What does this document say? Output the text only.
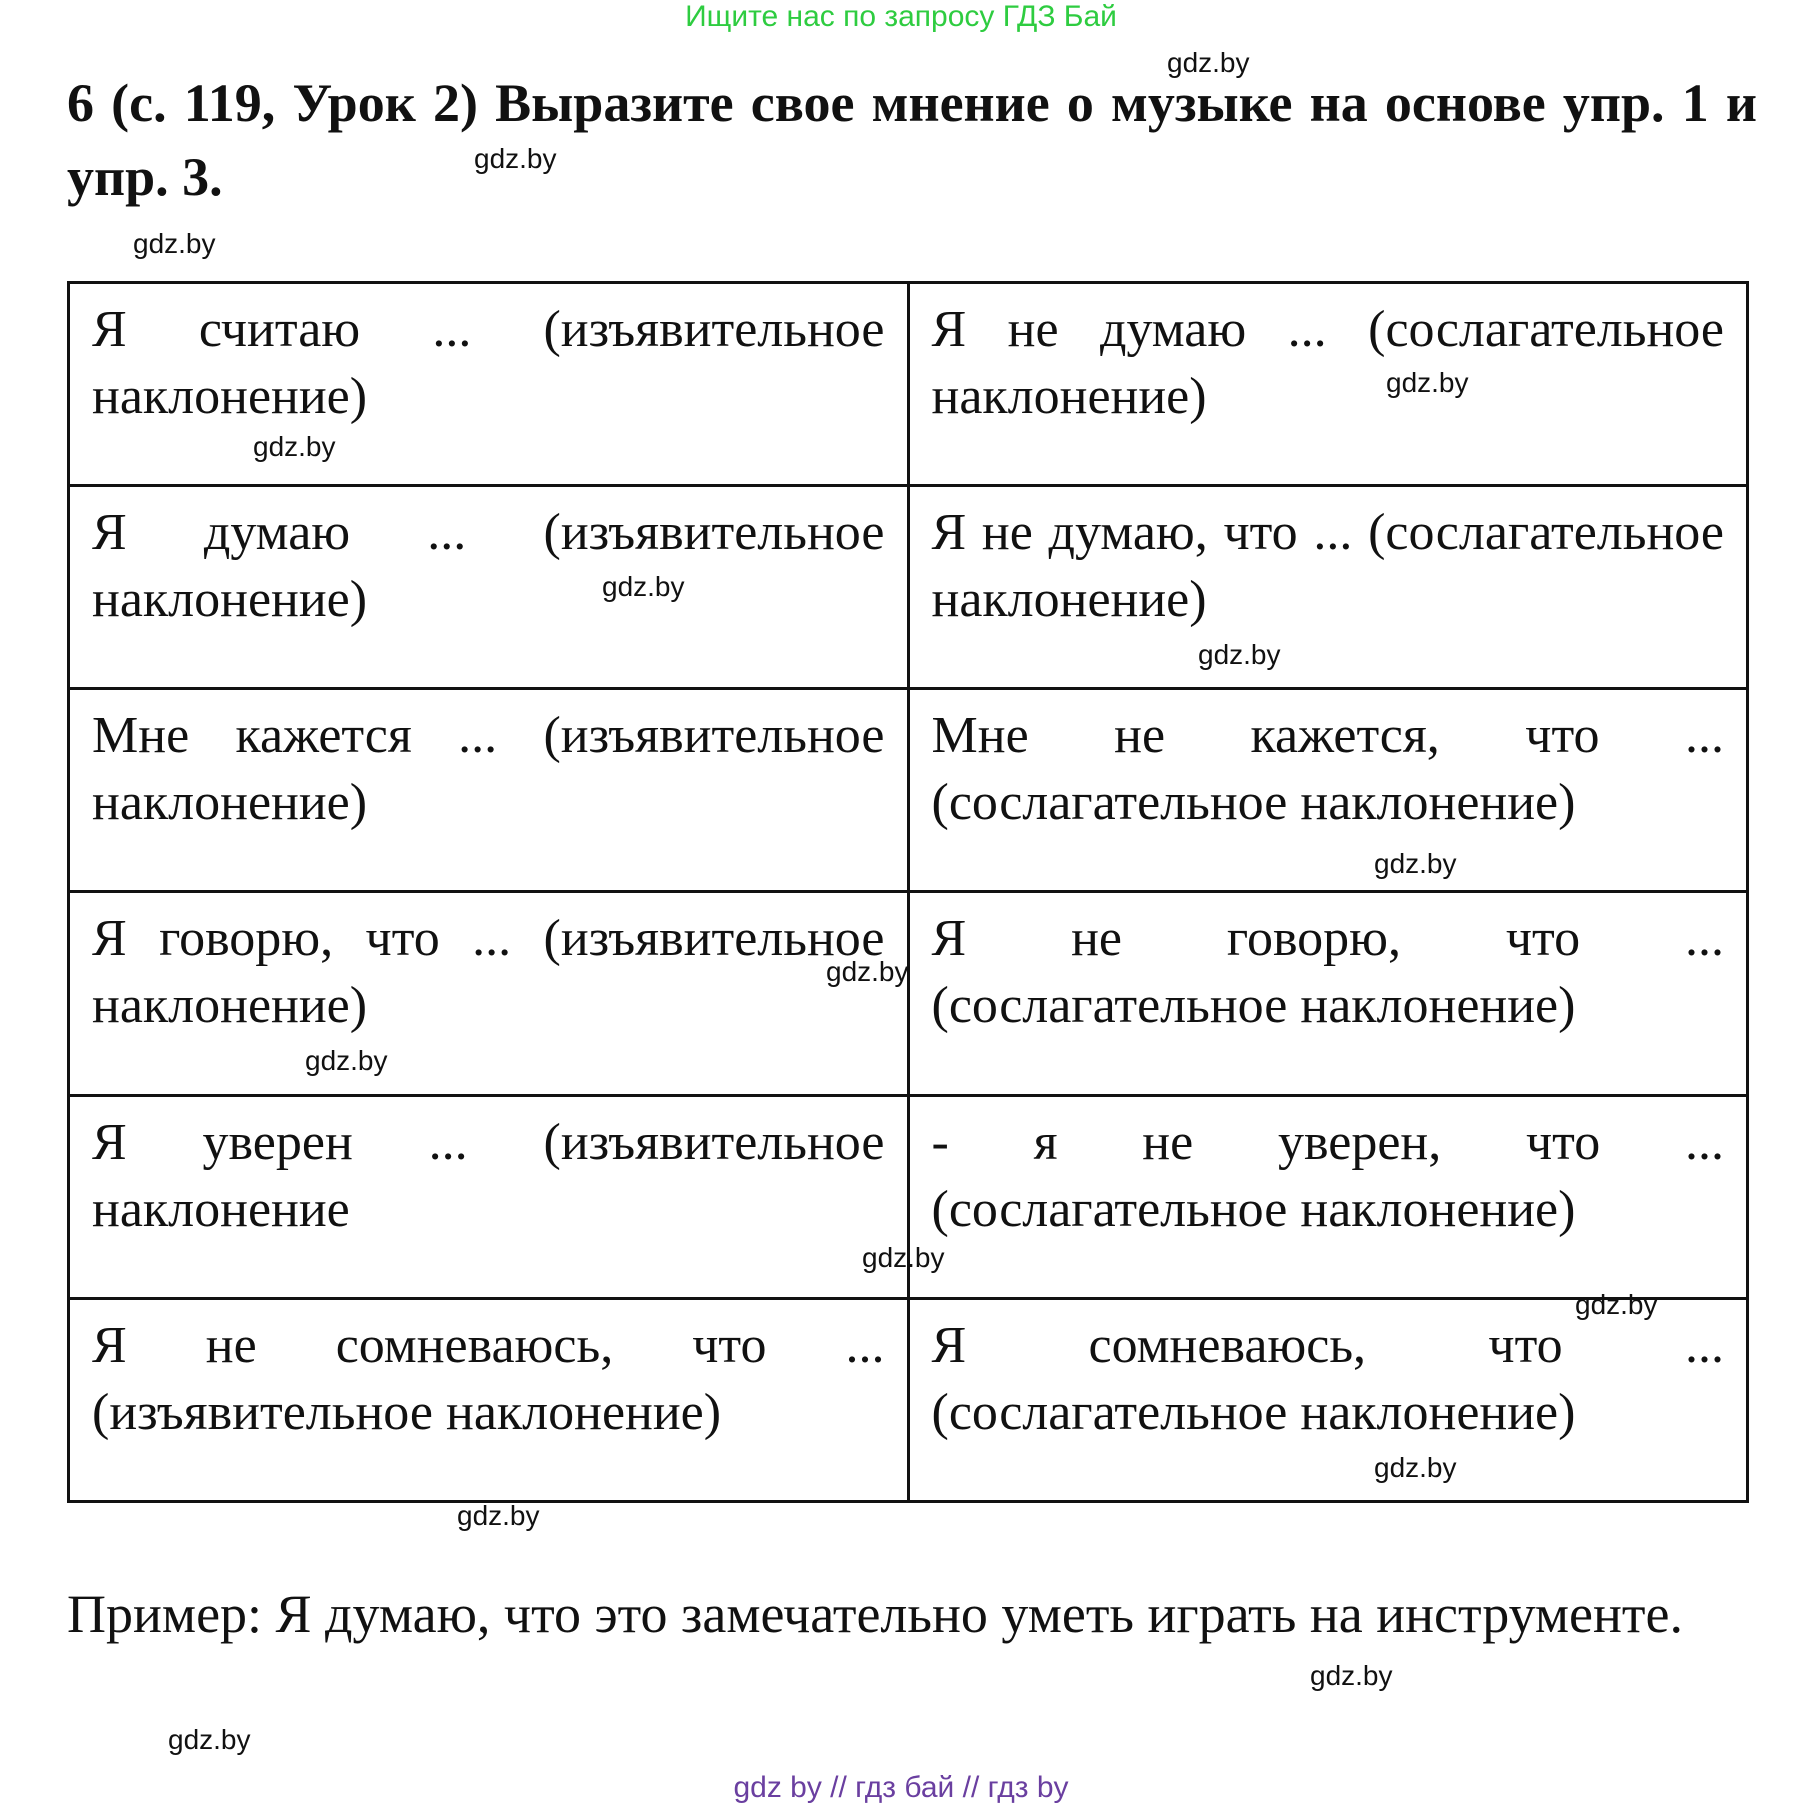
Ищите нас по запросу ГДЗ Бай
6 (с. 119, Урок 2) Выразите свое мнение о музыке на основе упр. 1 и упр. 3.
Я считаю ... (изъявительное наклонение)	Я не думаю ... (сослагательное наклонение)
Я думаю ... (изъявительное наклонение)	Я не думаю, что ... (сослагательное наклонение)
Мне кажется ... (изъявительное наклонение)	Мне не кажется, что ... (сослагательное наклонение)
Я говорю, что ... (изъявительное наклонение)	Я не говорю, что ... (сослагательное наклонение)
Я уверен ... (изъявительное наклонение	- я не уверен, что ... (сослагательное наклонение)
Я не сомневаюсь, что ... (изъявительное наклонение)	Я сомневаюсь, что ... (сослагательное наклонение)
Пример: Я думаю, что это замечательно уметь играть на инструменте.
gdz.by
gdz.by
gdz.by
gdz.by
gdz.by
gdz.by
gdz.by
gdz.by
gdz.by
gdz.by
gdz.by
gdz.by
gdz.by
gdz.by
gdz.by
gdz.by
gdz by // гдз бай // гдз by
